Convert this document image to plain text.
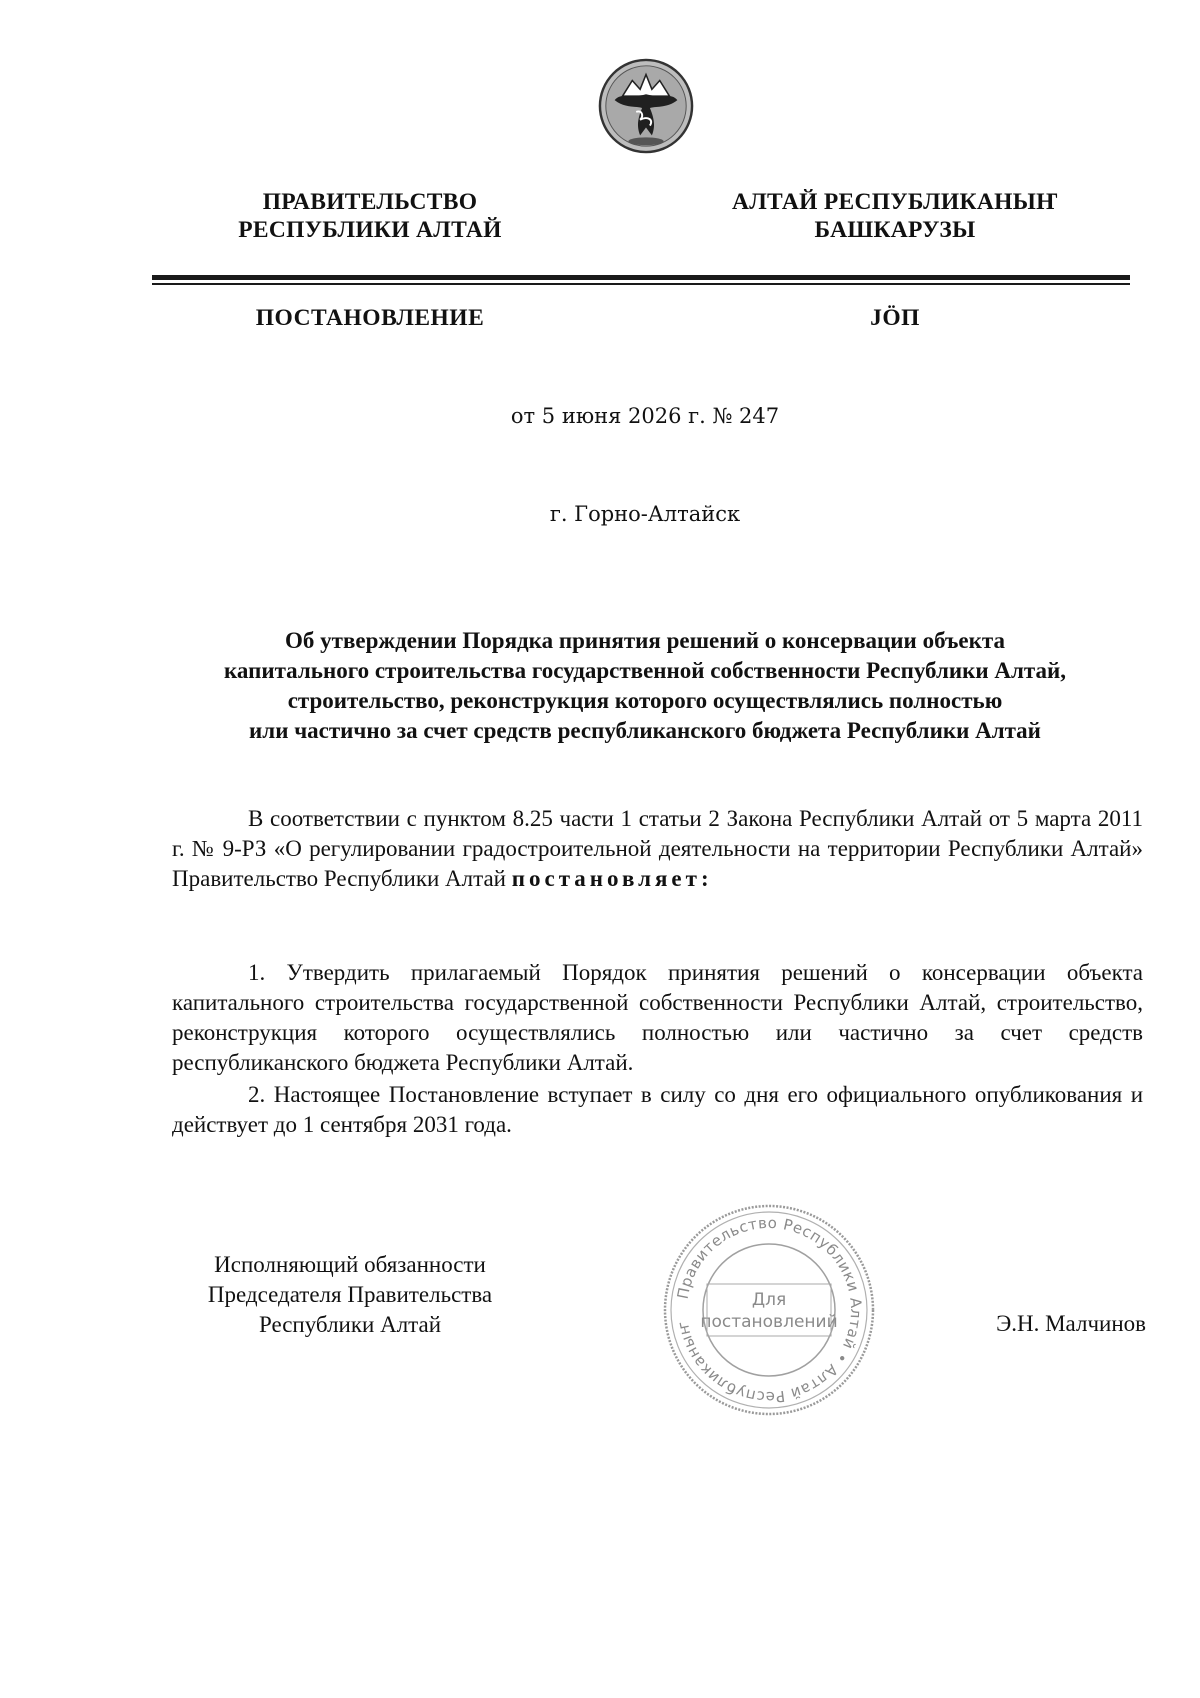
ПРАВИТЕЛЬСТВО
РЕСПУБЛИКИ АЛТАЙ
АЛТАЙ РЕСПУБЛИКАНЫҤ
БАШКАРУЗЫ
ПОСТАНОВЛЕНИЕ	ЈӦП
от 5 июня 2026 г. № 247
г. Горно-Алтайск
Об утверждении Порядка принятия решений о консервации объекта
капитального строительства государственной собственности Республики Алтай,
строительство, реконструкция которого осуществлялись полностью
или частично за счет средств республиканского бюджета Республики Алтай

В соответствии с пунктом 8.25 части 1 статьи 2 Закона Республики Алтай от 5 марта 2011 г. № 9-РЗ «О регулировании градостроительной деятельности на территории Республики Алтай» Правительство Республики Алтай постановляет:

1. Утвердить прилагаемый Порядок принятия решений о консервации объекта капитального строительства государственной собственности Республики Алтай, строительство, реконструкция которого осуществлялись полностью или частично за счет средств республиканского бюджета Республики Алтай.

2. Настоящее Постановление вступает в силу со дня его официального опубликования и действует до 1 сентября 2031 года.

Исполняющий обязанности
Председателя Правительства
Республики Алтай	Э.Н. Малчинов
Правительство Республики Алтай • Алтай Республиканыҥ
Для
постановлений
